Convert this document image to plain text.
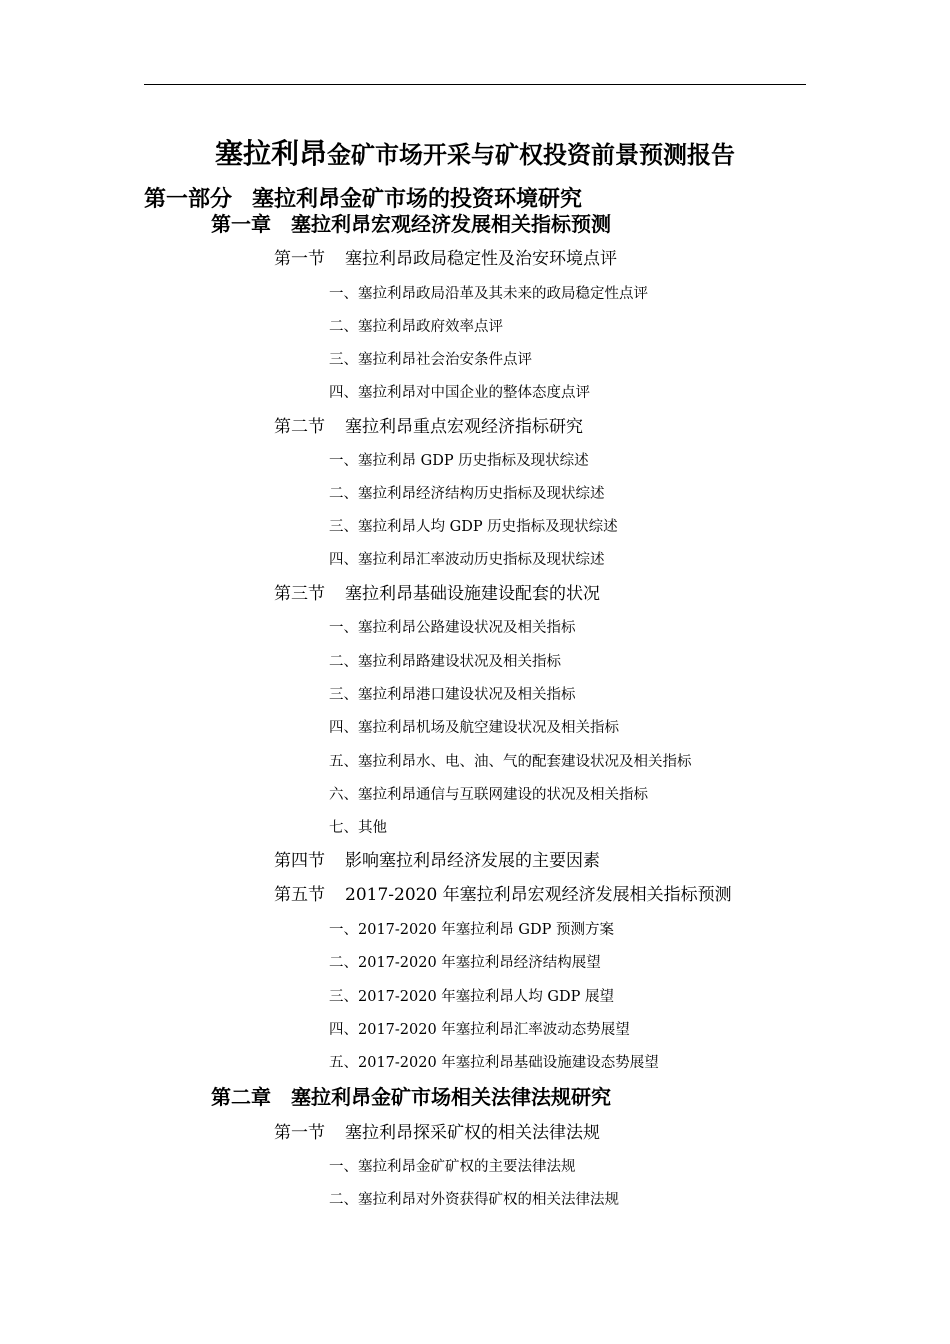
塞拉利昂金矿市场开采与矿权投资前景预测报告
第一部分 塞拉利昂金矿市场的投资环境研究
第一章 塞拉利昂宏观经济发展相关指标预测
第一节 塞拉利昂政局稳定性及治安环境点评
一、塞拉利昂政局沿革及其未来的政局稳定性点评
二、塞拉利昂政府效率点评
三、塞拉利昂社会治安条件点评
四、塞拉利昂对中国企业的整体态度点评
第二节 塞拉利昂重点宏观经济指标研究
一、塞拉利昂 GDP 历史指标及现状综述
二、塞拉利昂经济结构历史指标及现状综述
三、塞拉利昂人均 GDP 历史指标及现状综述
四、塞拉利昂汇率波动历史指标及现状综述
第三节 塞拉利昂基础设施建设配套的状况
一、塞拉利昂公路建设状况及相关指标
二、塞拉利昂路建设状况及相关指标
三、塞拉利昂港口建设状况及相关指标
四、塞拉利昂机场及航空建设状况及相关指标
五、塞拉利昂水、电、油、气的配套建设状况及相关指标
六、塞拉利昂通信与互联网建设的状况及相关指标
七、其他
第四节 影响塞拉利昂经济发展的主要因素
第五节 2017-2020 年塞拉利昂宏观经济发展相关指标预测
一、2017-2020 年塞拉利昂 GDP 预测方案
二、2017-2020 年塞拉利昂经济结构展望
三、2017-2020 年塞拉利昂人均 GDP 展望
四、2017-2020 年塞拉利昂汇率波动态势展望
五、2017-2020 年塞拉利昂基础设施建设态势展望
第二章 塞拉利昂金矿市场相关法律法规研究
第一节 塞拉利昂探采矿权的相关法律法规
一、塞拉利昂金矿矿权的主要法律法规
二、塞拉利昂对外资获得矿权的相关法律法规
